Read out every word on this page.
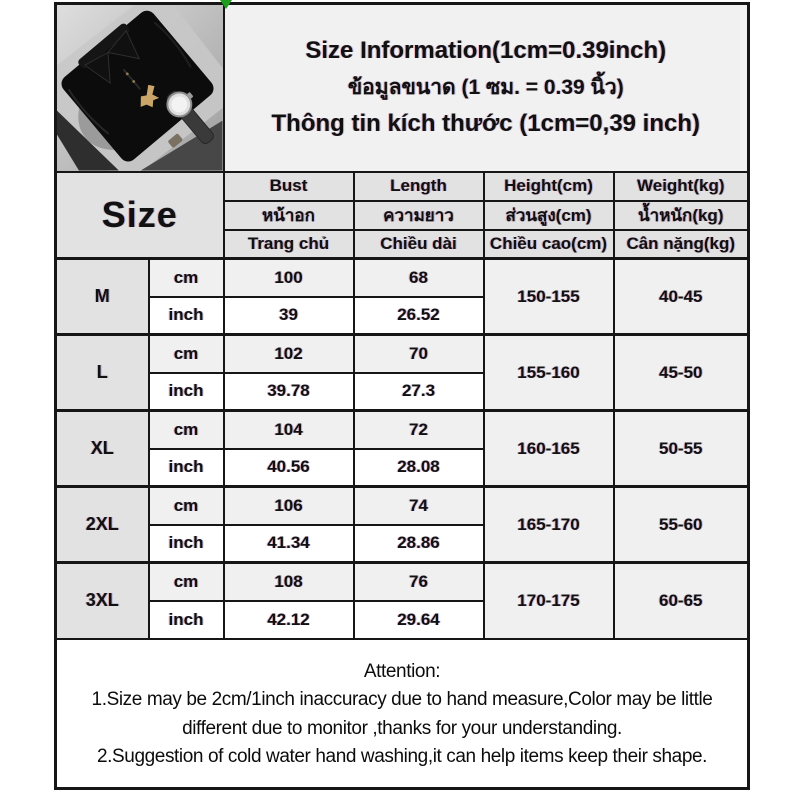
Size Information(1cm=0.39inch)
ข้อมูลขนาด (1 ซม. = 0.39 นิ้ว)
Thông tin kích thước (1cm=0,39 inch)			

Size		Bust	Length	Height(cm)	Weight(kg)
		หน้าอก	ความยาว	ส่วนสูง(cm)	น้ำหนัก(kg)
		Trang chủ	Chiều dài	Chiều cao(cm)	Cân nặng(kg)
M	cm	100	68	150-155	40-45
	inch	39	26.52		
L	cm	102	70	155-160	45-50
	inch	39.78	27.3		
XL	cm	104	72	160-165	50-55
	inch	40.56	28.08		
2XL	cm	106	74	165-170	55-60
	inch	41.34	28.86		
3XL	cm	108	76	170-175	60-65
	inch	42.12	29.64		

Attention:
1.Size may be 2cm/1inch inaccuracy due to hand measure,Color may be little different due to monitor ,thanks for your understanding.
2.Suggestion of cold water hand washing,it can help items keep their shape.					
